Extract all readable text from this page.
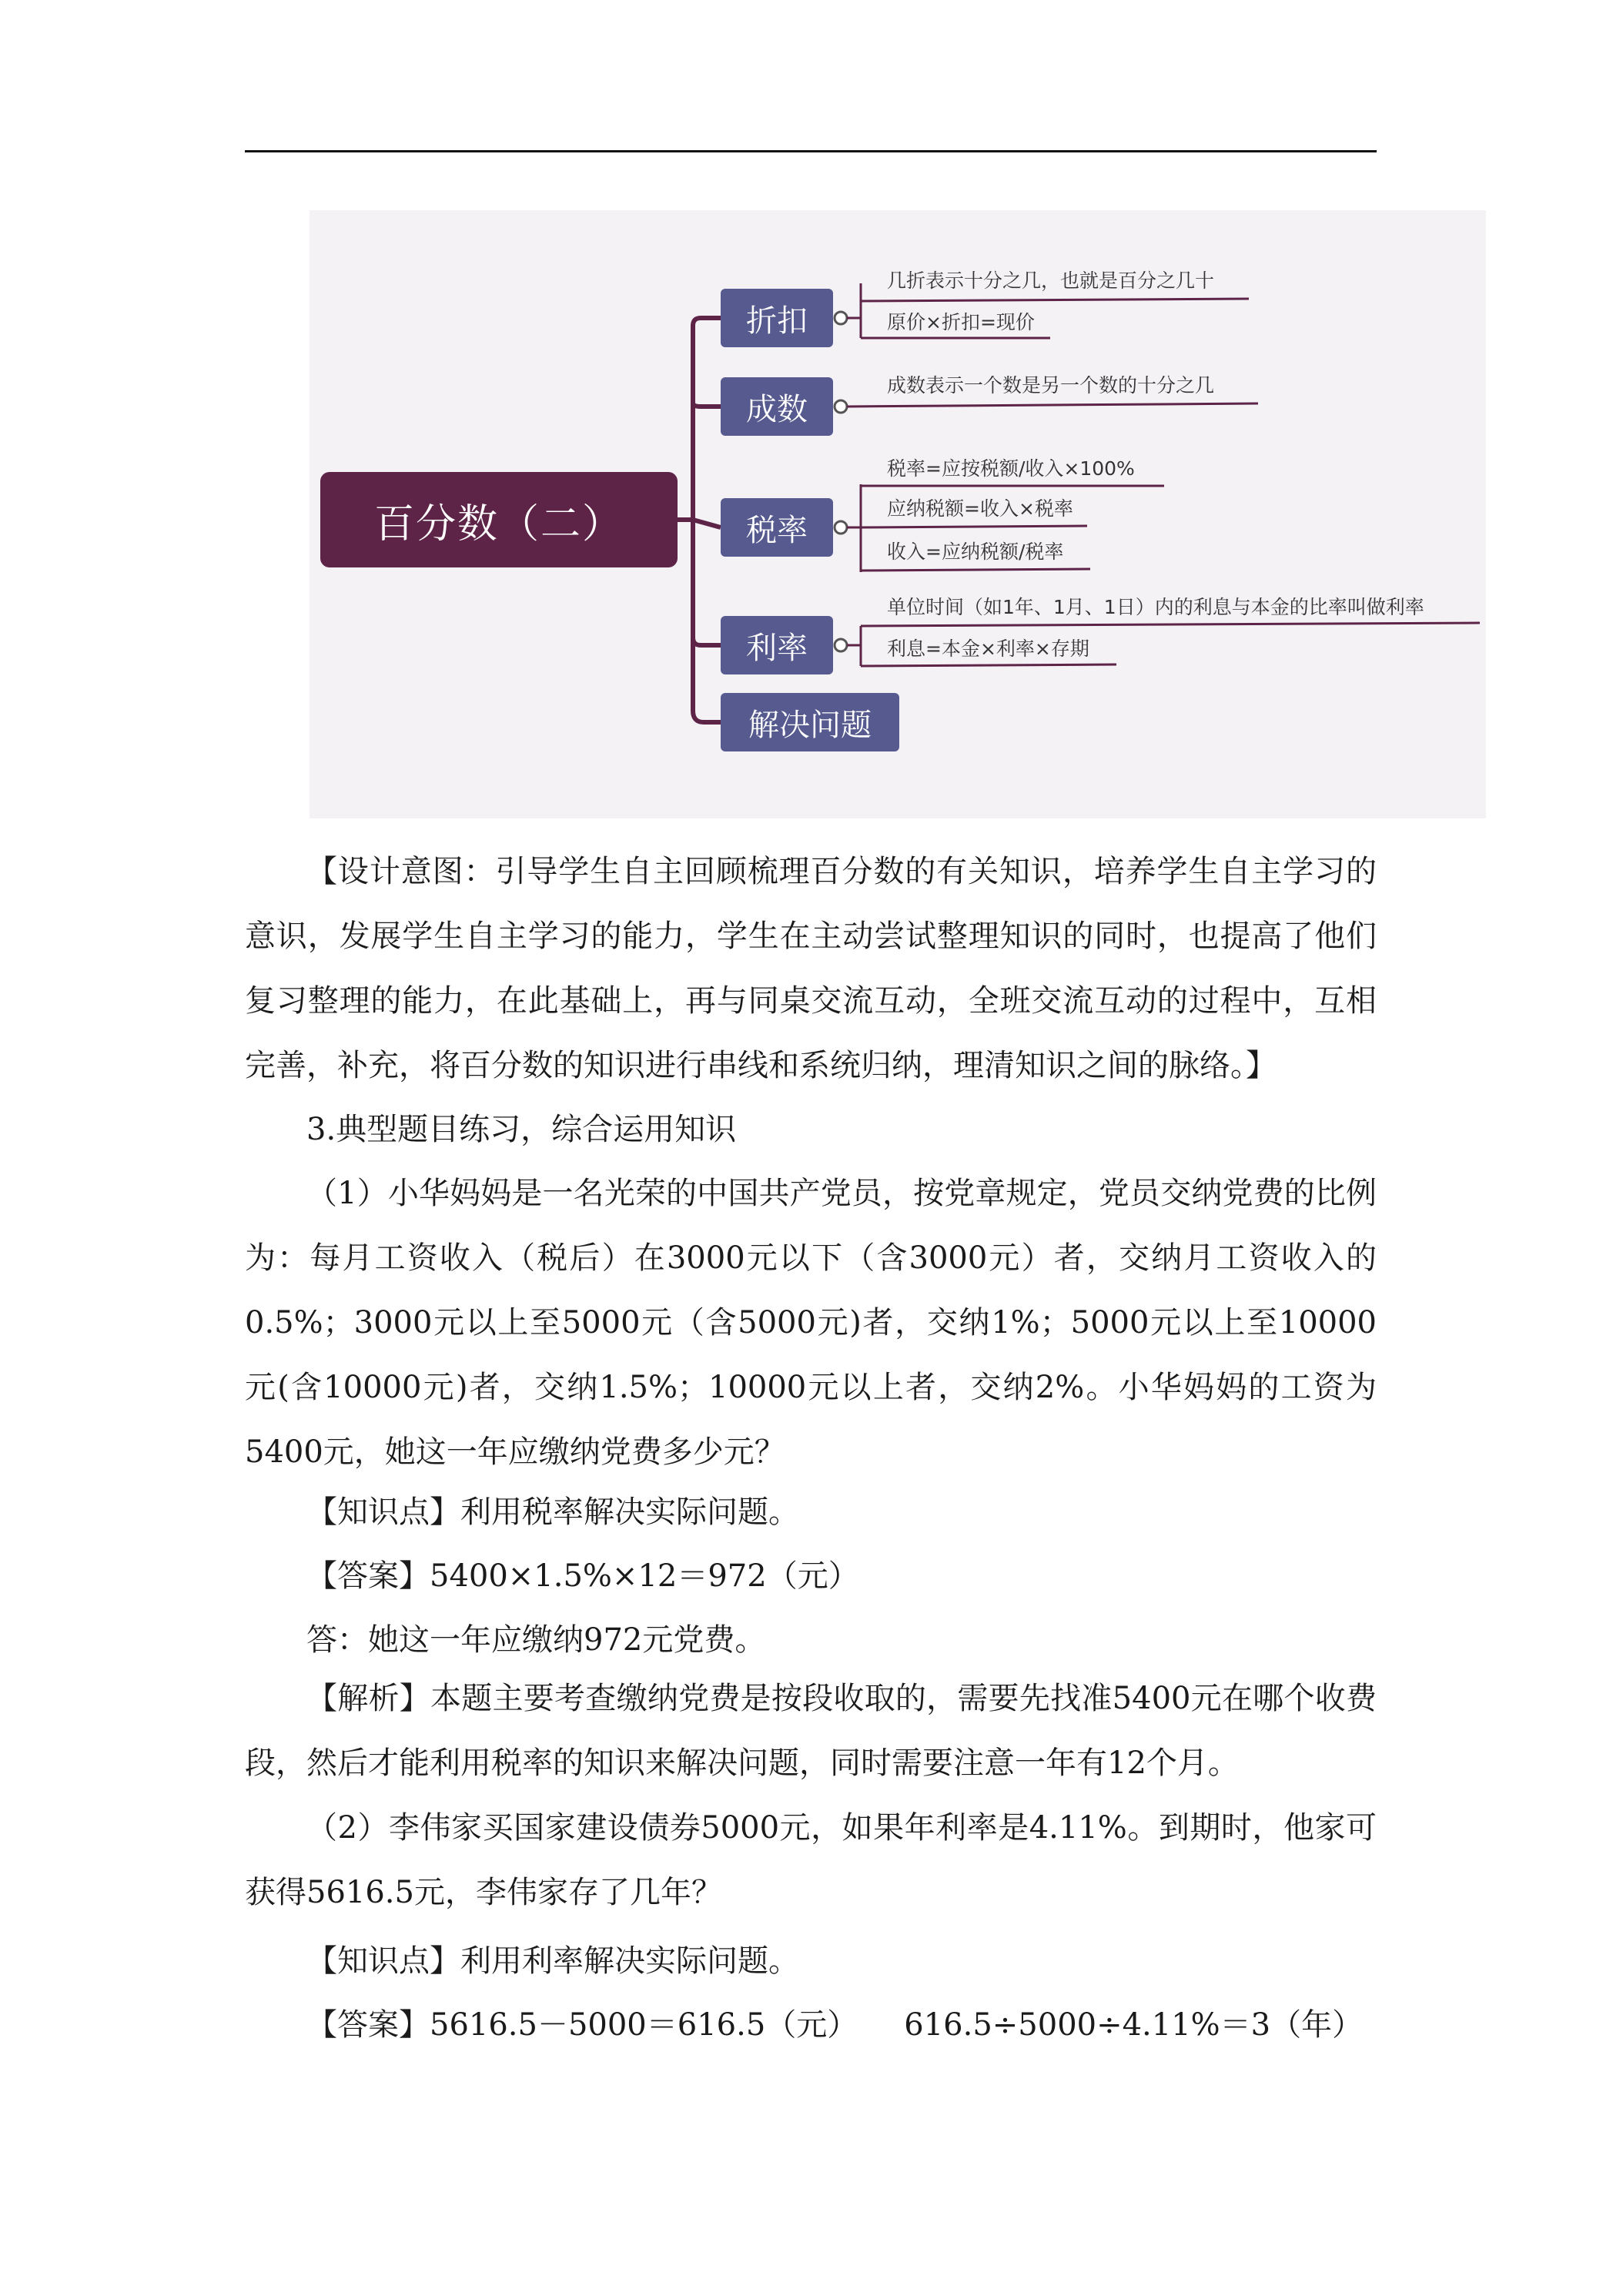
百分数（二）
折扣
几折表示十分之几，也就是百分之几十
原价×折扣=现价
成数
成数表示一个数是另一个数的十分之几
税率
税率=应按税额/收入×100%
应纳税额=收入×税率
收入=应纳税额/税率
利率
单位时间（如1年、1月、1日）内的利息与本金的比率叫做利率
利息=本金×利率×存期
解决问题

【设计意图：引导学生自主回顾梳理百分数的有关知识，培养学生自主学习的意识，发展学生自主学习的能力，学生在主动尝试整理知识的同时，也提高了他们复习整理的能力，在此基础上，再与同桌交流互动，全班交流互动的过程中，互相完善，补充，将百分数的知识进行串线和系统归纳，理清知识之间的脉络。】

3.典型题目练习，综合运用知识

（1）小华妈妈是一名光荣的中国共产党员，按党章规定，党员交纳党费的比例为：每月工资收入（税后）在3000元以下（含3000元）者，交纳月工资收入的0.5%；3000元以上至5000元（含5000元)者，交纳1%；5000元以上至10000元(含10000元)者，交纳1.5%；10000元以上者，交纳2%。小华妈妈的工资为5400元，她这一年应缴纳党费多少元？

【知识点】利用税率解决实际问题。

【答案】5400×1.5%×12＝972（元）

答：她这一年应缴纳972元党费。

【解析】本题主要考查缴纳党费是按段收取的，需要先找准5400元在哪个收费段，然后才能利用税率的知识来解决问题，同时需要注意一年有12个月。

（2）李伟家买国家建设债券5000元，如果年利率是4.11%。到期时，他家可获得5616.5元，李伟家存了几年？

【知识点】利用利率解决实际问题。

【答案】5616.5－5000＝616.5（元）　　616.5÷5000÷4.11%＝3（年）
